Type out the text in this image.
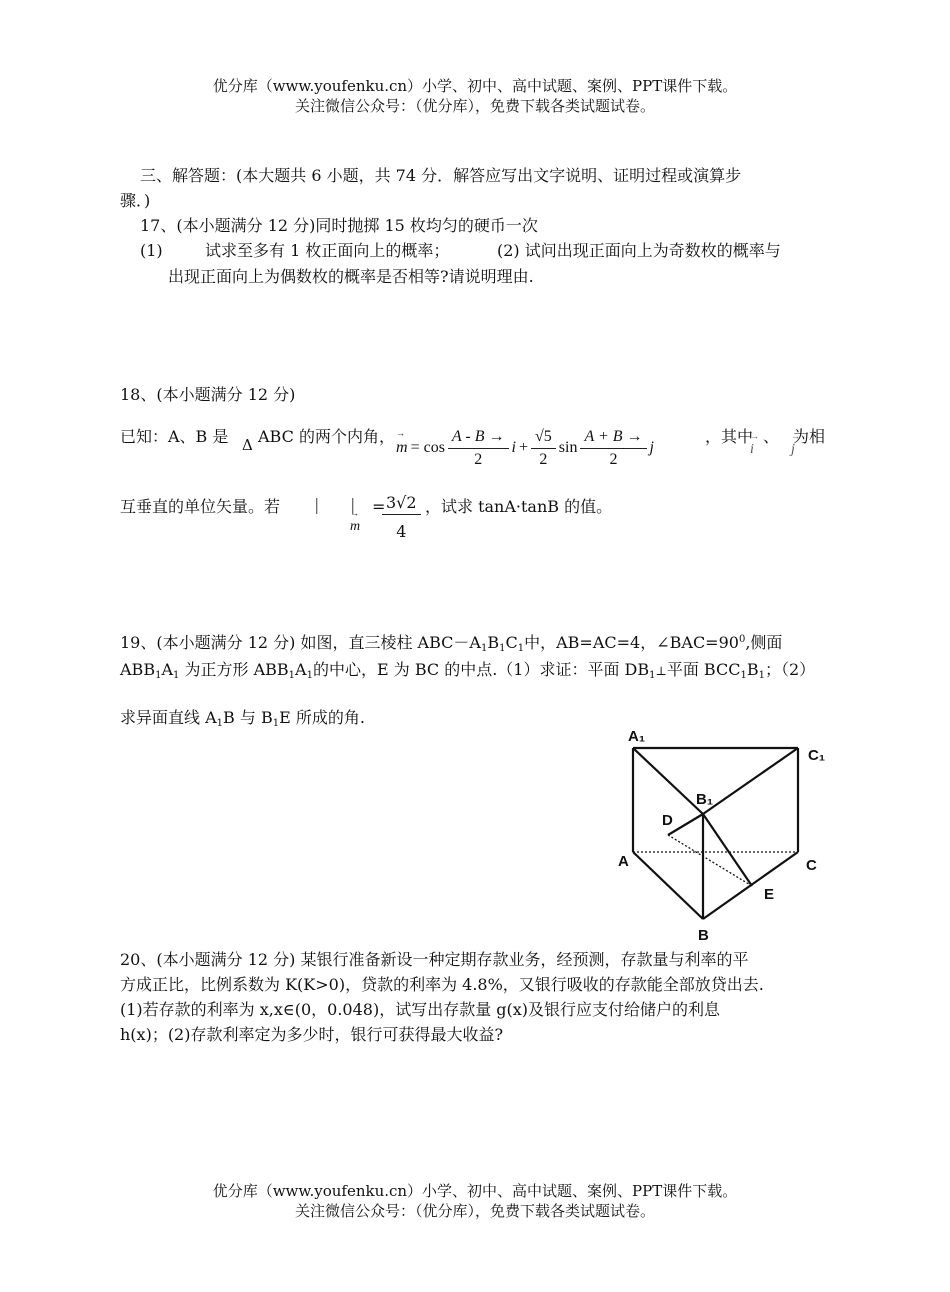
优分库（www.youfenku.cn）小学、初中、高中试题、案例、PPT课件下载。
关注微信公众号：（优分库），免费下载各类试题试卷。
三、解答题：(本大题共 6 小题，共 74 分．解答应写出文字说明、证明过程或演算步
骤．)
17、(本小题满分 12 分)同时抛掷 15 枚均匀的硬币一次
(1)	试求至多有 1 枚正面向上的概率；	(2) 试问出现正面向上为奇数枚的概率与
出现正面向上为偶数枚的概率是否相等?请说明理由.
18、(本小题满分 12 分)
已知：A、B 是 Δ ABC 的两个内角，
→ $m = \cos \frac{A - B \to}{2}$ $i + \frac{√5}{2}$ $\sin \frac{A + B \to}{2}$ j
，其中
→ i
、
→ j
为相
互垂直的单位矢量。若 |
→ m
| =
$\frac{3√2}{4}$ ，试求 tanA·tanB 的值。
19、(本小题满分 12 分) 如图，直三棱柱 $ABC-A_1B_1C_1$中，AB=AC=4，$\angle BAC=90^0$,侧面
$ABB_1A_1$ 为正方形 $ABB_1A_1$的中心，E 为 BC 的中点.（1）求证：平面 $DB_1\perp$平面 $BCC_1B_1$；（2）
求异面直线 $A_1B$ 与 $B_1E$ 所成的角.
A₁
C₁
B₁
D
A	C
E
B
20、(本小题满分 12 分) 某银行准备新设一种定期存款业务，经预测，存款量与利率的平
方成正比，比例系数为 K(K>0)，贷款的利率为 4.8%，又银行吸收的存款能全部放贷出去.
(1)若存款的利率为 x,x∈(0，0.048)，试写出存款量 g(x)及银行应支付给储户的利息
h(x)；(2)存款利率定为多少时，银行可获得最大收益?
优分库（www.youfenku.cn）小学、初中、高中试题、案例、PPT课件下载。
关注微信公众号：（优分库），免费下载各类试题试卷。
